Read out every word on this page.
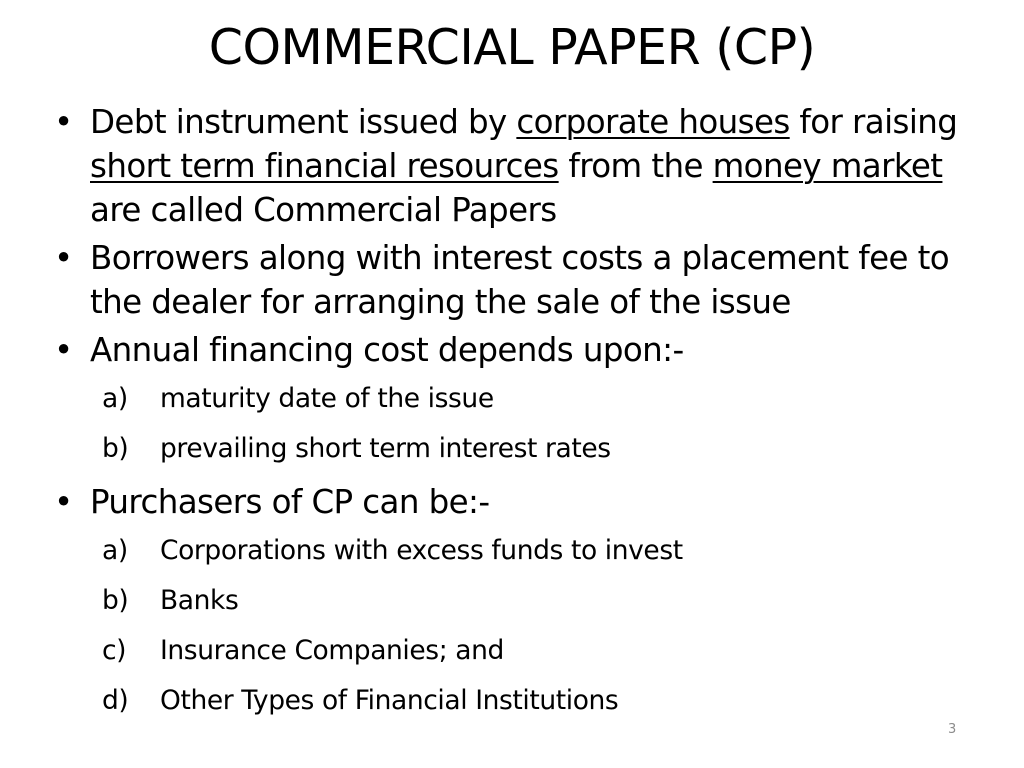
COMMERCIAL PAPER (CP)
• Debt instrument issued by corporate houses for raising short term financial resources from the money market are called Commercial Papers
• Borrowers along with interest costs a placement fee to the dealer for arranging the sale of the issue
• Annual financing cost depends upon:-
a) maturity date of the issue
b) prevailing short term interest rates
• Purchasers of CP can be:-
a) Corporations with excess funds to invest
b) Banks
c) Insurance Companies; and
d) Other Types of Financial Institutions
3
